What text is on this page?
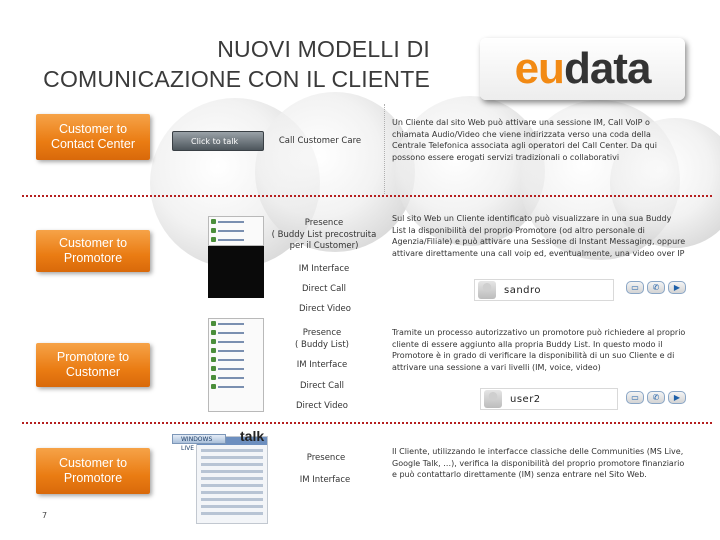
NUOVI MODELLI DI
COMUNICAZIONE CON IL CLIENTE eu data
Customer to
Contact Center	Click to talk	Call Customer Care
Un Cliente dal sito Web può attivare una sessione IM, Call VoIP o chiamata Audio/Video che viene indirizzata verso una coda della Centrale Telefonica associata agli operatori del Call Center. Da qui possono essere erogati servizi tradizionali o collaborativi
Customer to
Promotore
Presence
( Buddy List precostruita per il Customer)
IM Interface
Direct Call
Direct Video
Sul sito Web un Cliente identificato può visualizzare in una sua Buddy List la disponibilità del proprio Promotore (od altro personale di Agenzia/Filiale) e può attivare una Sessione di Instant Messaging, oppure attivare direttamente una call voip ed, eventualmente, una video over IP
sandro	▭	✆	▶
Promotore to
Customer
Presence
( Buddy List)
IM Interface
Direct Call
Direct Video
Tramite un processo autorizzativo un promotore può richiedere al proprio cliente di essere aggiunto alla propria Buddy List. In questo modo il Promotore è in grado di verificare la disponibilità di un suo Cliente e di attrivare una sessione a vari livelli (IM, voice, video)
user2	▭	✆	▶
Customer to
Promotore
WINDOWS LIVE
talk
Presence
IM Interface
Il Cliente, utilizzando le interfacce classiche delle Communities (MS Live, Google Talk, …), verifica la disponibilità del proprio promotore finanziario e può contattarlo direttamente (IM) senza entrare nel Sito Web.
7
